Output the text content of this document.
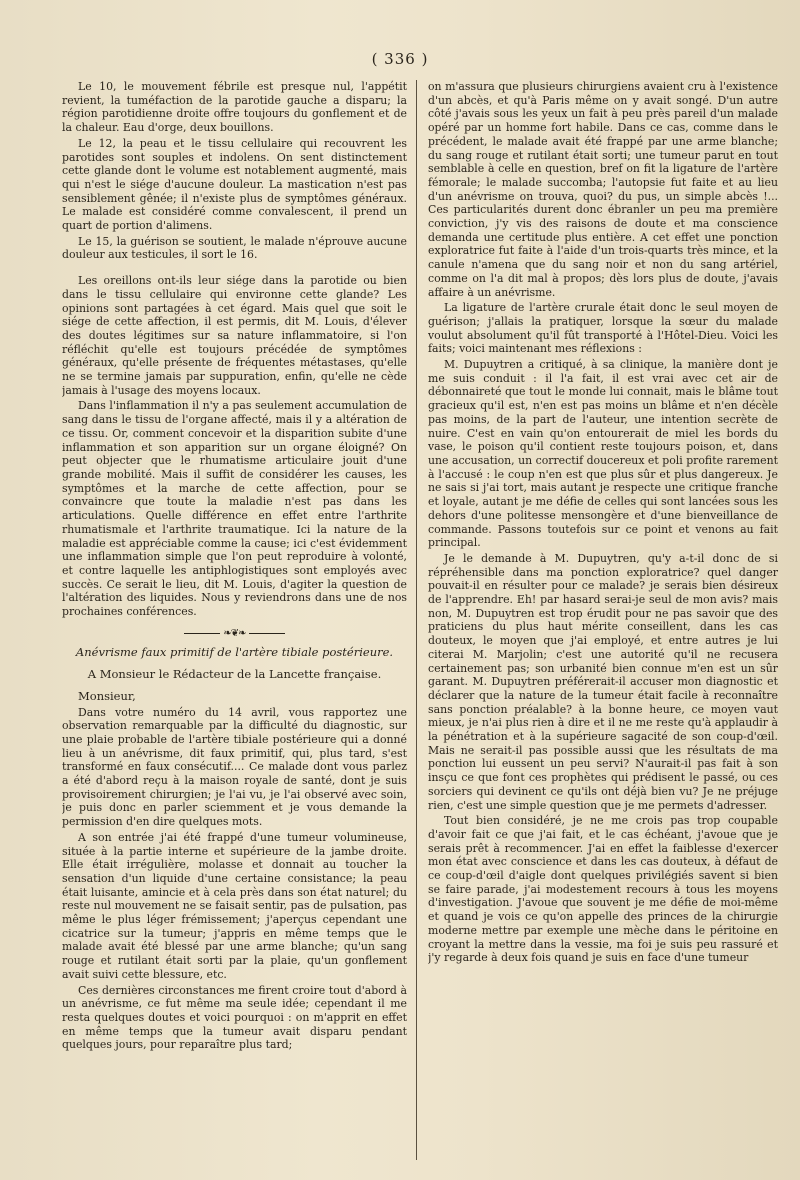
( 336 )

Le 10, le mouvement fébrile est presque nul, l'appétit revient, la tuméfaction de la parotide gauche a disparu; la région parotidienne droite offre toujours du gonflement et de la chaleur. Eau d'orge, deux bouillons.

Le 12, la peau et le tissu cellulaire qui recouvrent les parotides sont souples et indolens. On sent distinctement cette glande dont le volume est notablement augmenté, mais qui n'est le siége d'aucune douleur. La mastication n'est pas sensiblement gênée; il n'existe plus de symptômes généraux. Le malade est considéré comme convalescent, il prend un quart de portion d'alimens.

Le 15, la guérison se soutient, le malade n'éprouve aucune douleur aux testicules, il sort le 16.

Les oreillons ont-ils leur siége dans la parotide ou bien dans le tissu cellulaire qui environne cette glande? Les opinions sont partagées à cet égard. Mais quel que soit le siége de cette affection, il est permis, dit M. Louis, d'élever des doutes légitimes sur sa nature inflammatoire, si l'on réfléchit qu'elle est toujours précédée de symptômes généraux, qu'elle présente de fréquentes métastases, qu'elle ne se termine jamais par suppuration, enfin, qu'elle ne cède jamais à l'usage des moyens locaux.

Dans l'inflammation il n'y a pas seulement accumulation de sang dans le tissu de l'organe affecté, mais il y a altération de ce tissu. Or, comment concevoir et la disparition subite d'une inflammation et son apparition sur un organe éloigné? On peut objecter que le rhumatisme articulaire jouit d'une grande mobilité. Mais il suffit de considérer les causes, les symptômes et la marche de cette affection, pour se convaincre que toute la maladie n'est pas dans les articulations. Quelle différence en effet entre l'arthrite rhumatismale et l'arthrite traumatique. Ici la nature de la maladie est appréciable comme la cause; ici c'est évidemment une inflammation simple que l'on peut reproduire à volonté, et contre laquelle les antiphlogistiques sont employés avec succès. Ce serait le lieu, dit M. Louis, d'agiter la question de l'altération des liquides. Nous y reviendrons dans une de nos prochaines conférences.

❧❦❧
Anévrisme faux primitif de l'artère tibiale postérieure.
A Monsieur le Rédacteur de la Lancette française.

Monsieur,

Dans votre numéro du 14 avril, vous rapportez une observation remarquable par la difficulté du diagnostic, sur une plaie probable de l'artère tibiale postérieure qui a donné lieu à un anévrisme, dit faux primitif, qui, plus tard, s'est transformé en faux consécutif.... Ce malade dont vous parlez a été d'abord reçu à la maison royale de santé, dont je suis provisoirement chirurgien; je l'ai vu, je l'ai observé avec soin, je puis donc en parler sciemment et je vous demande la permission d'en dire quelques mots.

A son entrée j'ai été frappé d'une tumeur volumineuse, située à la partie interne et supérieure de la jambe droite. Elle était irrégulière, molasse et donnait au toucher la sensation d'un liquide d'une certaine consistance; la peau était luisante, amincie et à cela près dans son état naturel; du reste nul mouvement ne se faisait sentir, pas de pulsation, pas même le plus léger frémissement; j'aperçus cependant une cicatrice sur la tumeur; j'appris en même temps que le malade avait été blessé par une arme blanche; qu'un sang rouge et rutilant était sorti par la plaie, qu'un gonflement avait suivi cette blessure, etc.

Ces dernières circonstances me firent croire tout d'abord à un anévrisme, ce fut même ma seule idée; cependant il me resta quelques doutes et voici pourquoi : on m'apprit en effet en même temps que la tumeur avait disparu pendant quelques jours, pour reparaître plus tard;

on m'assura que plusieurs chirurgiens avaient cru à l'existence d'un abcès, et qu'à Paris même on y avait songé. D'un autre côté j'avais sous les yeux un fait à peu près pareil d'un malade opéré par un homme fort habile. Dans ce cas, comme dans le précédent, le malade avait été frappé par une arme blanche; du sang rouge et rutilant était sorti; une tumeur parut en tout semblable à celle en question, bref on fit la ligature de l'artère fémorale; le malade succomba; l'autopsie fut faite et au lieu d'un anévrisme on trouva, quoi? du pus, un simple abcès !... Ces particularités durent donc ébranler un peu ma première conviction, j'y vis des raisons de doute et ma conscience demanda une certitude plus entière. A cet effet une ponction exploratrice fut faite à l'aide d'un trois-quarts très mince, et la canule n'amena que du sang noir et non du sang artériel, comme on l'a dit mal à propos; dès lors plus de doute, j'avais affaire à un anévrisme.

La ligature de l'artère crurale était donc le seul moyen de guérison; j'allais la pratiquer, lorsque la sœur du malade voulut absolument qu'il fût transporté à l'Hôtel-Dieu. Voici les faits; voici maintenant mes réflexions :

M. Dupuytren a critiqué, à sa clinique, la manière dont je me suis conduit : il l'a fait, il est vrai avec cet air de débonnaireté que tout le monde lui connait, mais le blâme tout gracieux qu'il est, n'en est pas moins un blâme et n'en décèle pas moins, de la part de l'auteur, une intention secrète de nuire. C'est en vain qu'on entourerait de miel les bords du vase, le poison qu'il contient reste toujours poison, et, dans une accusation, un correctif doucereux et poli profite rarement à l'accusé : le coup n'en est que plus sûr et plus dangereux. Je ne sais si j'ai tort, mais autant je respecte une critique franche et loyale, autant je me défie de celles qui sont lancées sous les dehors d'une politesse mensongère et d'une bienveillance de commande. Passons toutefois sur ce point et venons au fait principal.

Je le demande à M. Dupuytren, qu'y a-t-il donc de si répréhensible dans ma ponction exploratrice? quel danger pouvait-il en résulter pour ce malade? je serais bien désireux de l'apprendre. Eh! par hasard serai-je seul de mon avis? mais non, M. Dupuytren est trop érudit pour ne pas savoir que des praticiens du plus haut mérite conseillent, dans les cas douteux, le moyen que j'ai employé, et entre autres je lui citerai M. Marjolin; c'est une autorité qu'il ne recusera certainement pas; son urbanité bien connue m'en est un sûr garant. M. Dupuytren préférerait-il accuser mon diagnostic et déclarer que la nature de la tumeur était facile à reconnaître sans ponction préalable? à la bonne heure, ce moyen vaut mieux, je n'ai plus rien à dire et il ne me reste qu'à applaudir à la pénétration et à la supérieure sagacité de son coup-d'œil. Mais ne serait-il pas possible aussi que les résultats de ma ponction lui eussent un peu servi? N'aurait-il pas fait à son insçu ce que font ces prophètes qui prédisent le passé, ou ces sorciers qui devinent ce qu'ils ont déjà bien vu? Je ne préjuge rien, c'est une simple question que je me permets d'adresser.

Tout bien considéré, je ne me crois pas trop coupable d'avoir fait ce que j'ai fait, et le cas échéant, j'avoue que je serais prêt à recommencer. J'ai en effet la faiblesse d'exercer mon état avec conscience et dans les cas douteux, à défaut de ce coup-d'œil d'aigle dont quelques privilégiés savent si bien se faire parade, j'ai modestement recours à tous les moyens d'investigation. J'avoue que souvent je me défie de moi-même et quand je vois ce qu'on appelle des princes de la chirurgie moderne mettre par exemple une mèche dans le péritoine en croyant la mettre dans la vessie, ma foi je suis peu rassuré et j'y regarde à deux fois quand je suis en face d'une tumeur
